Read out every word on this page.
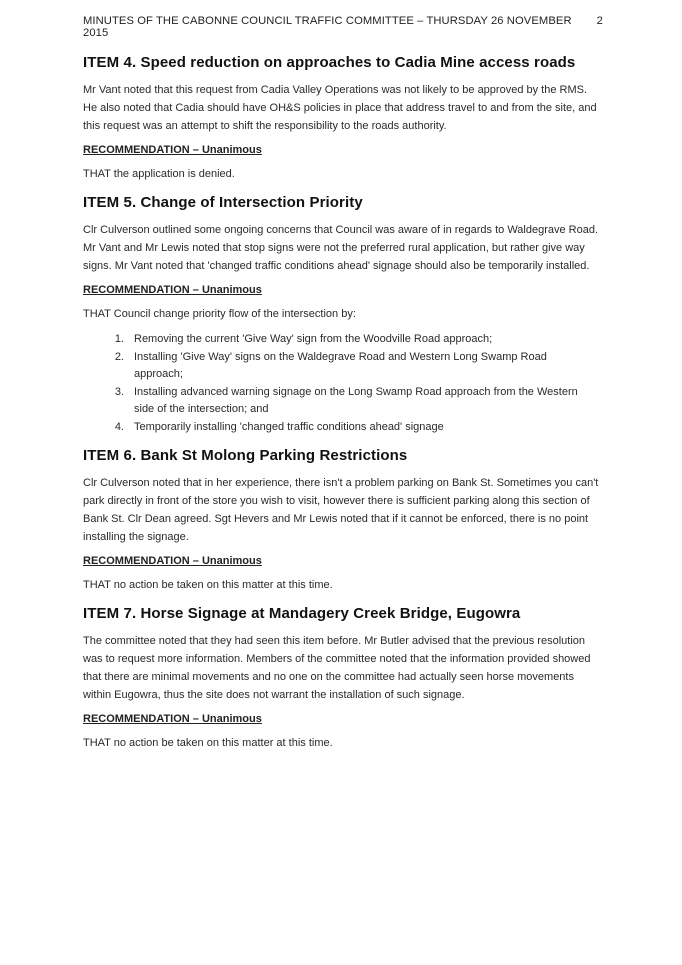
MINUTES OF THE CABONNE COUNCIL TRAFFIC COMMITTEE – THURSDAY 26 NOVEMBER 2015
2
ITEM 4. Speed reduction on approaches to Cadia Mine access roads
Mr Vant noted that this request from Cadia Valley Operations was not likely to be approved by the RMS. He also noted that Cadia should have OH&S policies in place that address travel to and from the site, and this request was an attempt to shift the responsibility to the roads authority.
RECOMMENDATION – Unanimous
THAT the application is denied.
ITEM 5. Change of Intersection Priority
Clr Culverson outlined some ongoing concerns that Council was aware of in regards to Waldegrave Road. Mr Vant and Mr Lewis noted that stop signs were not the preferred rural application, but rather give way signs. Mr Vant noted that 'changed traffic conditions ahead' signage should also be temporarily installed.
RECOMMENDATION – Unanimous
THAT Council change priority flow of the intersection by:
1. Removing the current 'Give Way' sign from the Woodville Road approach;
2. Installing 'Give Way' signs on the Waldegrave Road and Western Long Swamp Road approach;
3. Installing advanced warning signage on the Long Swamp Road approach from the Western side of the intersection; and
4. Temporarily installing 'changed traffic conditions ahead' signage
ITEM 6. Bank St Molong Parking Restrictions
Clr Culverson noted that in her experience, there isn't a problem parking on Bank St. Sometimes you can't park directly in front of the store you wish to visit, however there is sufficient parking along this section of Bank St. Clr Dean agreed. Sgt Hevers and Mr Lewis noted that if it cannot be enforced, there is no point installing the signage.
RECOMMENDATION – Unanimous
THAT no action be taken on this matter at this time.
ITEM 7. Horse Signage at Mandagery Creek Bridge, Eugowra
The committee noted that they had seen this item before. Mr Butler advised that the previous resolution was to request more information. Members of the committee noted that the information provided showed that there are minimal movements and no one on the committee had actually seen horse movements within Eugowra, thus the site does not warrant the installation of such signage.
RECOMMENDATION – Unanimous
THAT no action be taken on this matter at this time.
